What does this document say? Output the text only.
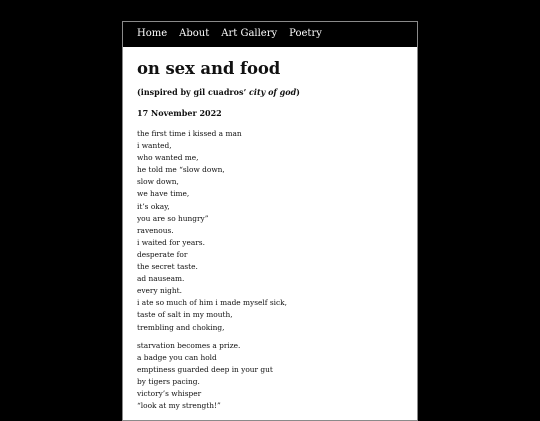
Home About Art Gallery Poetry
on sex and food

(inspired by gil cuadros’ city of god)

17 November 2022

the first time i kissed a man
i wanted,
who wanted me,
he told me “slow down,
slow down,
we have time,
it’s okay,
you are so hungry”
ravenous.
i waited for years.
desperate for
the secret taste.
ad nauseam.
every night.
i ate so much of him i made myself sick,
taste of salt in my mouth,
trembling and choking,
starvation becomes a prize.
a badge you can hold
emptiness guarded deep in your gut
by tigers pacing.
victory’s whisper
“look at my strength!”
